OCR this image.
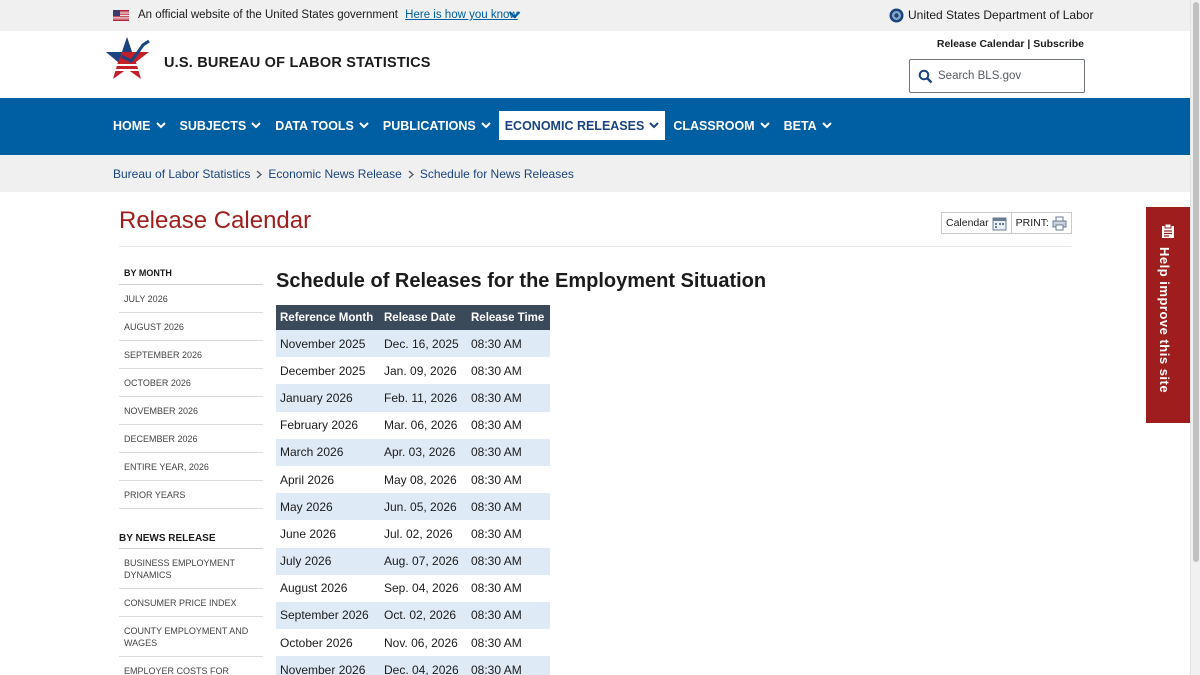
An official website of the United States government Here is how you know	United States Department of Labor
U.S. BUREAU OF LABOR STATISTICS
Release Calendar | Subscribe
Search BLS.gov
HOME SUBJECTS DATA TOOLS PUBLICATIONS ECONOMIC RELEASES CLASSROOM BETA
Bureau of Labor Statistics Economic News Release Schedule for News Releases
Release Calendar	Calendar	PRINT:
BY MONTH
JULY 2026
AUGUST 2026
SEPTEMBER 2026
OCTOBER 2026
NOVEMBER 2026
DECEMBER 2026
ENTIRE YEAR, 2026
PRIOR YEARS
BY NEWS RELEASE
BUSINESS EMPLOYMENT DYNAMICS
CONSUMER PRICE INDEX
COUNTY EMPLOYMENT AND WAGES
EMPLOYER COSTS FOR
Schedule of Releases for the Employment Situation
Reference Month	Release Date	Release Time
November 2025	Dec. 16, 2025	08:30 AM
December 2025	Jan. 09, 2026	08:30 AM
January 2026	Feb. 11, 2026	08:30 AM
February 2026	Mar. 06, 2026	08:30 AM
March 2026	Apr. 03, 2026	08:30 AM
April 2026	May 08, 2026	08:30 AM
May 2026	Jun. 05, 2026	08:30 AM
June 2026	Jul. 02, 2026	08:30 AM
July 2026	Aug. 07, 2026	08:30 AM
August 2026	Sep. 04, 2026	08:30 AM
September 2026	Oct. 02, 2026	08:30 AM
October 2026	Nov. 06, 2026	08:30 AM
November 2026	Dec. 04, 2026	08:30 AM
Help improve this site
